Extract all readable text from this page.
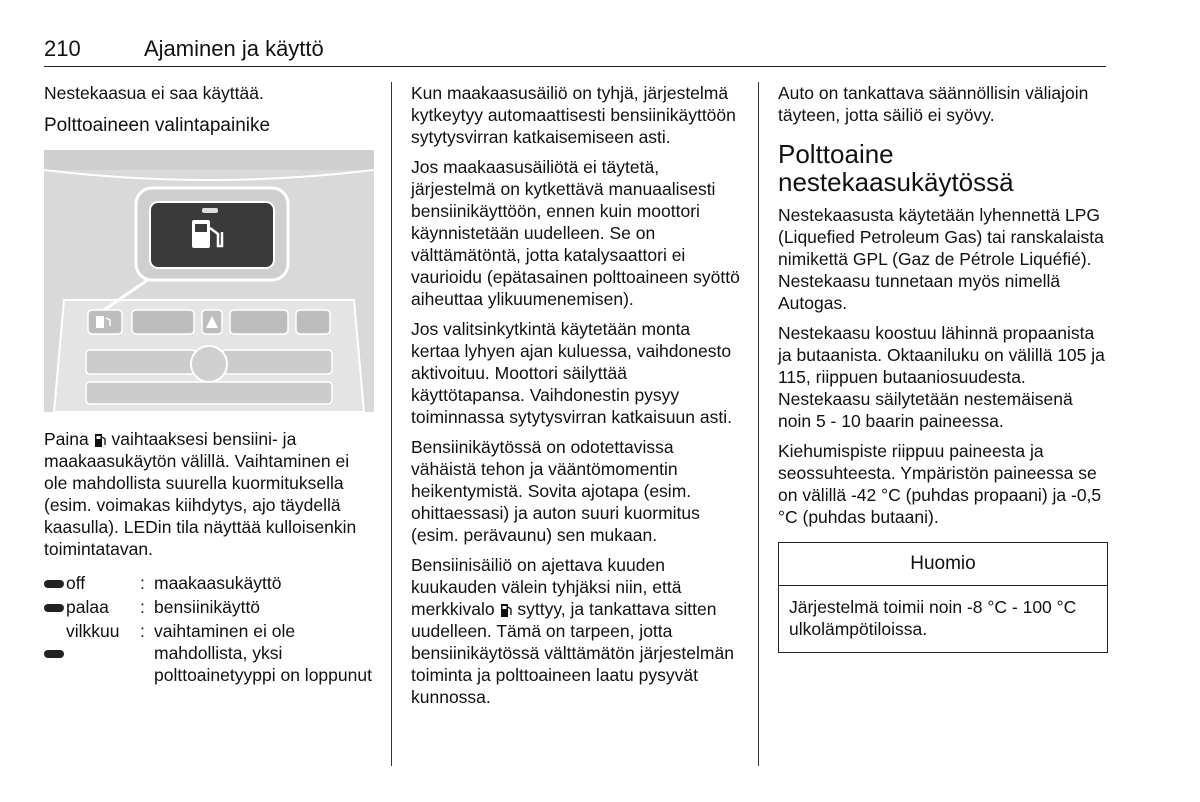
210	Ajaminen ja käyttö

Nestekaasua ei saa käyttää.

Polttoaineen valintapainike

Paina  vaihtaaksesi bensiini- ja maakaasukäytön välillä. Vaihtaminen ei ole mahdollista suurella kuormituksella (esim. voimakas kiihdytys, ajo täydellä kaasulla). LEDin tila näyttää kulloisenkin toimintatavan.

off	: maakaasukäyttö
palaa	: bensiinikäyttö
vilkkuu	: vaihtaminen ei ole mahdollista, yksi polttoainetyyppi on loppunut

Kun maakaasusäiliö on tyhjä, järjestelmä kytkeytyy automaattisesti bensiinikäyttöön sytytysvirran katkaisemiseen asti.

Jos maakaasusäiliötä ei täytetä, järjestelmä on kytkettävä manuaalisesti bensiinikäyttöön, ennen kuin moottori käynnistetään uudelleen. Se on välttämätöntä, jotta katalysaattori ei vaurioidu (epätasainen polttoaineen syöttö aiheuttaa ylikuumenemisen).

Jos valitsinkytkintä käytetään monta kertaa lyhyen ajan kuluessa, vaihdonesto aktivoituu. Moottori säilyttää käyttötapansa. Vaihdonestin pysyy toiminnassa sytytysvirran katkaisuun asti.

Bensiinikäytössä on odotettavissa vähäistä tehon ja vääntömomentin heikentymistä. Sovita ajotapa (esim. ohittaessasi) ja auton suuri kuormitus (esim. perävaunu) sen mukaan.

Bensiinisäiliö on ajettava kuuden kuukauden välein tyhjäksi niin, että merkkivalo  syttyy, ja tankattava sitten uudelleen. Tämä on tarpeen, jotta bensiinikäytössä välttämätön järjestelmän toiminta ja polttoaineen laatu pysyvät kunnossa.

Auto on tankattava säännöllisin väliajoin täyteen, jotta säiliö ei syövy.

Polttoaine nestekaasukäytössä

Nestekaasusta käytetään lyhennettä LPG (Liquefied Petroleum Gas) tai ranskalaista nimikettä GPL (Gaz de Pétrole Liquéfié). Nestekaasu tunnetaan myös nimellä Autogas.

Nestekaasu koostuu lähinnä propaanista ja butaanista. Oktaaniluku on välillä 105 ja 115, riippuen butaaniosuudesta. Nestekaasu säilytetään nestemäisenä noin 5 - 10 baarin paineessa.

Kiehumispiste riippuu paineesta ja seossuhteesta. Ympäristön paineessa se on välillä -42 °C (puhdas propaani) ja -0,5 °C (puhdas butaani).

Huomio
Järjestelmä toimii noin -8 °C - 100 °C ulkolämpötiloissa.
